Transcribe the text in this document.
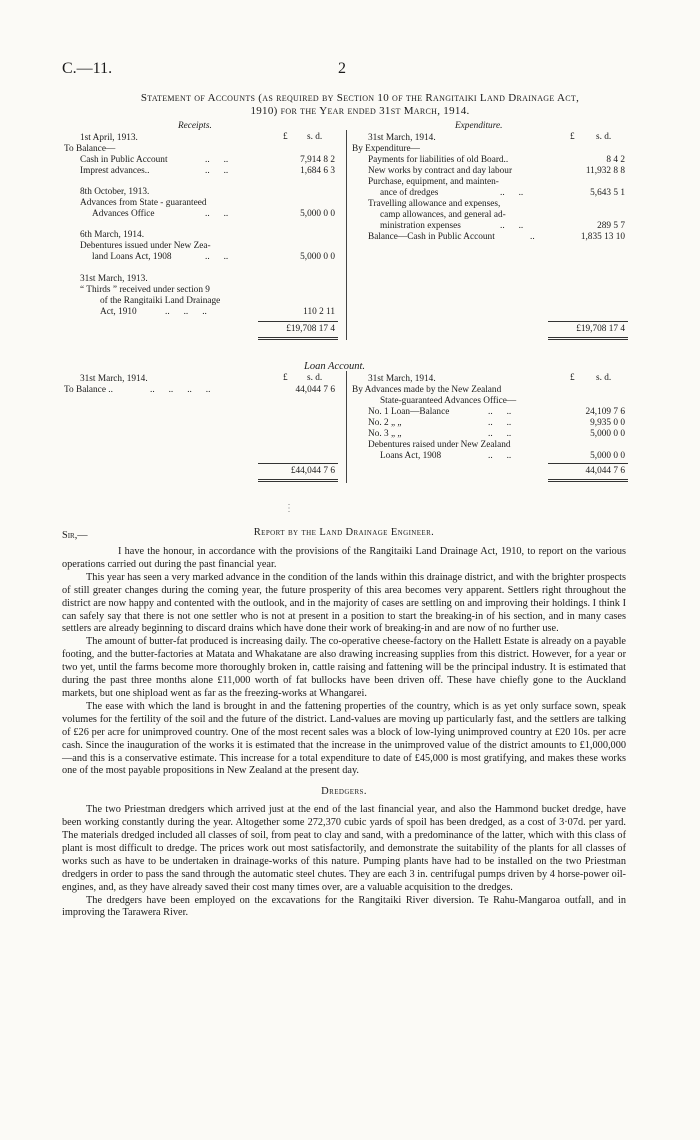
C.—11.	2
Statement of Accounts (as required by Section 10 of the Rangitaiki Land Drainage Act,
1910) for the Year ended 31st March, 1914.
Receipts.	Expenditure.
£ s. d.	£ s. d.
1st April, 1913.
To Balance—
Cash in Public Account	..      ..	7,914 8 2
Imprest advances..	..      ..	1,684 6 3
8th October, 1913.
Advances from State - guaranteed
Advances Office	..      ..	5,000 0 0
6th March, 1914.
Debentures issued under New Zea-
land Loans Act, 1908	..      ..	5,000 0 0
31st March, 1913.
“ Thirds ” received under section 9
of the Rangitaiki Land Drainage
Act, 1910	..      ..      ..	110 2 11
£19,708 17 4
31st March, 1914.
By Expenditure—
Payments for liabilities of old Board..	8 4 2
New works by contract and day labour	11,932 8 8
Purchase, equipment, and mainten-
ance of dredges	..      ..	5,643 5 1
Travelling allowance and expenses,
camp allowances, and general ad-
ministration expenses	..      ..	289 5 7
Balance—Cash in Public Account	..	1,835 13 10
£19,708 17 4
Loan Account.
£ s. d.	£ s. d.
31st March, 1914.
To Balance ..	..      ..      ..      ..	44,044 7 6
£44,044 7 6
31st March, 1914.
By Advances made by the New Zealand
State-guaranteed Advances Office—
No. 1 Loan—Balance	..      ..	24,109 7 6
No. 2 „ „	..      ..	9,935 0 0
No. 3 „ „	..      ..	5,000 0 0
Debentures raised under New Zealand
Loans Act, 1908	..      ..	5,000 0 0
44,044 7 6
⋮
Sir,—	Report by the Land Drainage Engineer.

I have the honour, in accordance with the provisions of the Rangitaiki Land Drainage Act, 1910, to report on the various operations carried out during the past financial year.

This year has seen a very marked advance in the condition of the lands within this drainage district, and with the brighter prospects of still greater changes during the coming year, the future prosperity of this area becomes very apparent. Settlers right throughout the district are now happy and contented with the outlook, and in the majority of cases are settling on and improving their holdings. I think I can safely say that there is not one settler who is not at present in a position to start the breaking-in of his section, and in many cases settlers are already beginning to discard drains which have done their work of breaking-in and are now of no further use.

The amount of butter-fat produced is increasing daily. The co-operative cheese-factory on the Hallett Estate is already on a payable footing, and the butter-factories at Matata and Whakatane are also drawing increasing supplies from this district. However, for a year or two yet, until the farms become more thoroughly broken in, cattle raising and fattening will be the principal industry. It is estimated that during the past three months alone £11,000 worth of fat bullocks have been driven off. These have chiefly gone to the Auckland markets, but one shipload went as far as the freezing-works at Whangarei.

The ease with which the land is brought in and the fattening properties of the country, which is as yet only surface sown, speak volumes for the fertility of the soil and the future of the district. Land-values are moving up particularly fast, and the settlers are talking of £26 per acre for unimproved country. One of the most recent sales was a block of low-lying unimproved country at £20 10s. per acre cash. Since the inauguration of the works it is estimated that the increase in the unimproved value of the district amounts to £1,000,000—and this is a conservative estimate. This increase for a total expenditure to date of £45,000 is most gratifying, and makes these works one of the most payable propositions in New Zealand at the present day.

Dredgers.

The two Priestman dredgers which arrived just at the end of the last financial year, and also the Hammond bucket dredge, have been working constantly during the year. Altogether some 272,370 cubic yards of spoil has been dredged, as a cost of 3·07d. per yard. The materials dredged included all classes of soil, from peat to clay and sand, with a predominance of the latter, which with this class of plant is most difficult to dredge. The prices work out most satisfactorily, and demonstrate the suitability of the plants for all classes of works such as have to be undertaken in drainage-works of this nature. Pumping plants have had to be installed on the two Priestman dredgers in order to pass the sand through the automatic steel chutes. They are each 3 in. centrifugal pumps driven by 4 horse-power oil-engines, and, as they have already saved their cost many times over, are a valuable acquisition to the dredges.

The dredgers have been employed on the excavations for the Rangitaiki River diversion. Te Rahu-Mangaroa outfall, and in improving the Tarawera River.
